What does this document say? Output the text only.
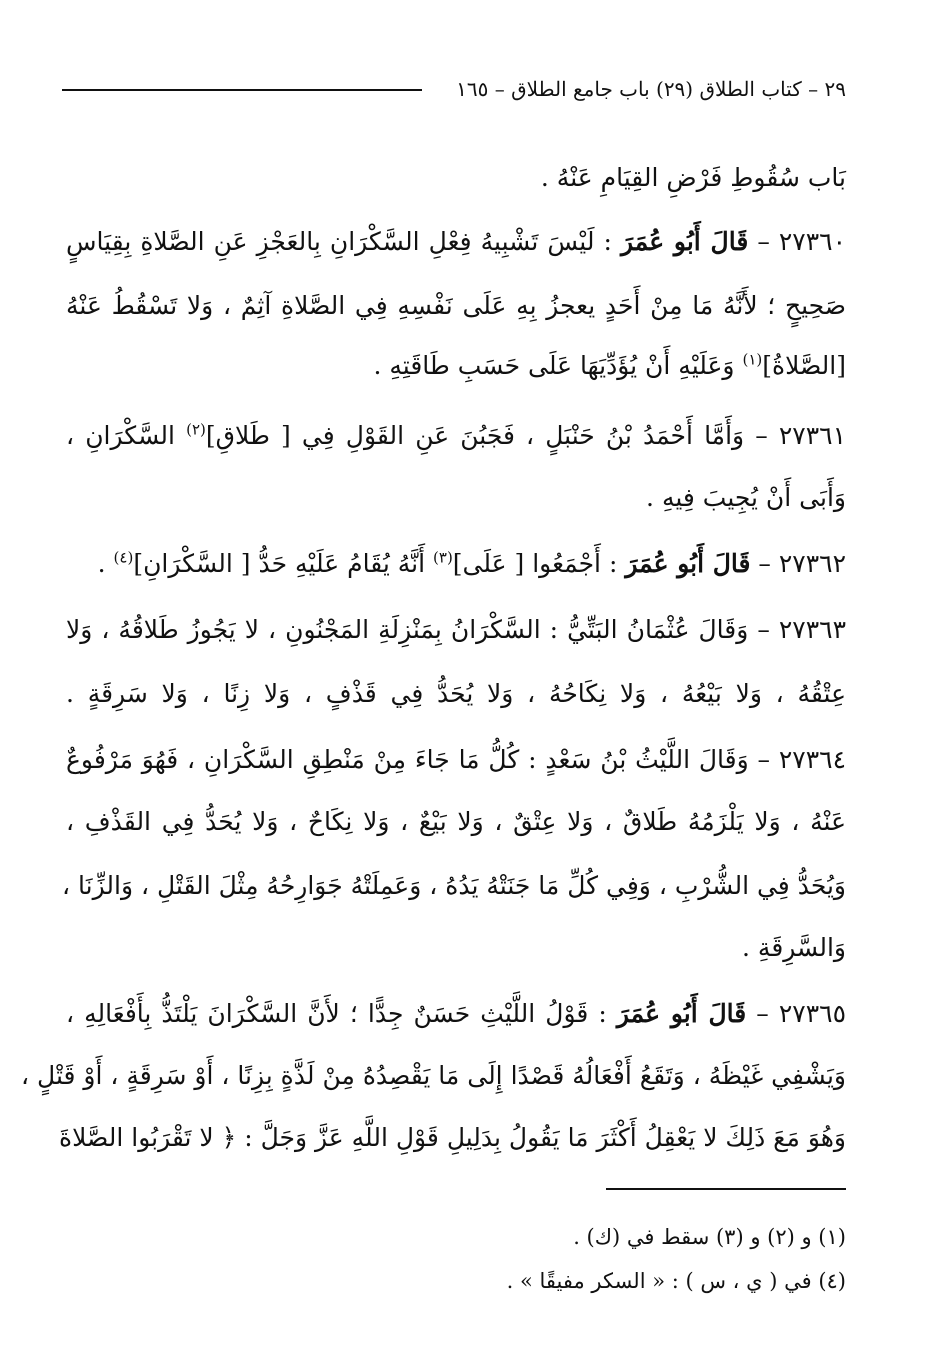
٢٩ – كتاب الطلاق (٢٩) باب جامع الطلاق – ١٦٥
بَاب سُقُوطِ فَرْضِ القِيَامِ عَنْهُ .
٢٧٣٦٠ – قَالَ أَبُو عُمَرَ : لَيْسَ تَشْبِيهُ فِعْلِ السَّكْرَانِ بِالعَجْزِ عَنِ الصَّلاةِ بِقِيَاسٍ
صَحِيحٍ ؛ لأَنَّهُ مَا مِنْ أَحَدٍ يعجزُ بِهِ عَلَى نَفْسِهِ فِي الصَّلاةِ آثِمٌ ، وَلا تَسْقُطُ عَنْهُ
[الصَّلاةُ]$^{(١)}$ وَعَلَيْهِ أَنْ يُؤَدِّيَهَا عَلَى حَسَبِ طَاقَتِهِ .
٢٧٣٦١ – وَأَمَّا أَحْمَدُ بْنُ حَنْبَلٍ ، فَجَبُنَ عَنِ القَوْلِ فِي [ طَلاقِ]$^{(٢)}$ السَّكْرَانِ ،
وَأَبَى أَنْ يُجِيبَ فِيهِ .
٢٧٣٦٢ – قَالَ أَبُو عُمَرَ : أَجْمَعُوا [ عَلَى]$^{(٣)}$ أَنَّهُ يُقَامُ عَلَيْهِ حَدُّ [ السَّكْرَانِ]$^{(٤)}$ .
٢٧٣٦٣ – وَقَالَ عُثْمَانُ البَتِّيُّ : السَّكْرَانُ بِمَنْزِلَةِ المَجْنُونِ ، لا يَجُوزُ طَلاقُهُ ، وَلا
عِتْقُهُ ، وَلا بَيْعُهُ ، وَلا نِكَاحُهُ ، وَلا يُحَدُّ فِي قَذْفٍ ، وَلا زِنًا ، وَلا سَرِقَةٍ .
٢٧٣٦٤ – وَقَالَ اللَّيْثُ بْنُ سَعْدٍ : كُلُّ مَا جَاءَ مِنْ مَنْطِقِ السَّكْرَانِ ، فَهُوَ مَرْفُوعٌ
عَنْهُ ، وَلا يَلْزَمُهُ طَلاقٌ ، وَلا عِتْقٌ ، وَلا بَيْعٌ ، وَلا نِكَاحٌ ، وَلا يُحَدُّ فِي القَذْفِ ،
وَيُحَدُّ فِي الشُّرْبِ ، وَفِي كُلِّ مَا جَنَتْهُ يَدُهُ ، وَعَمِلَتْهُ جَوَارِحُهُ مِثْلَ القَتْلِ ، وَالزِّنَا ،
وَالسَّرِقَةِ .
٢٧٣٦٥ – قَالَ أَبُو عُمَرَ : قَوْلُ اللَّيْثِ حَسَنٌ جِدًّا ؛ لأَنَّ السَّكْرَانَ يَلْتَذُّ بِأَفْعَالِهِ ،
وَيَشْفِي غَيْظَهُ ، وَتَقَعُ أَفْعَالُهُ قَصْدًا إِلَى مَا يَقْصِدُهُ مِنْ لَذَّةٍ بِزِنًا ، أَوْ سَرِقَةٍ ، أَوْ قَتْلٍ ،
وَهُوَ مَعَ ذَلِكَ لا يَعْقِلُ أَكْثَرَ مَا يَقُولُ بِدَلِيلِ قَوْلِ اللَّهِ عَزَّ وَجَلَّ : ﴿ لا تَقْرَبُوا الصَّلاةَ
(١) و (٢) و (٣) سقط في (ك) .
(٤) في ( ي ، س ) : « السكر مفيقًا » .
